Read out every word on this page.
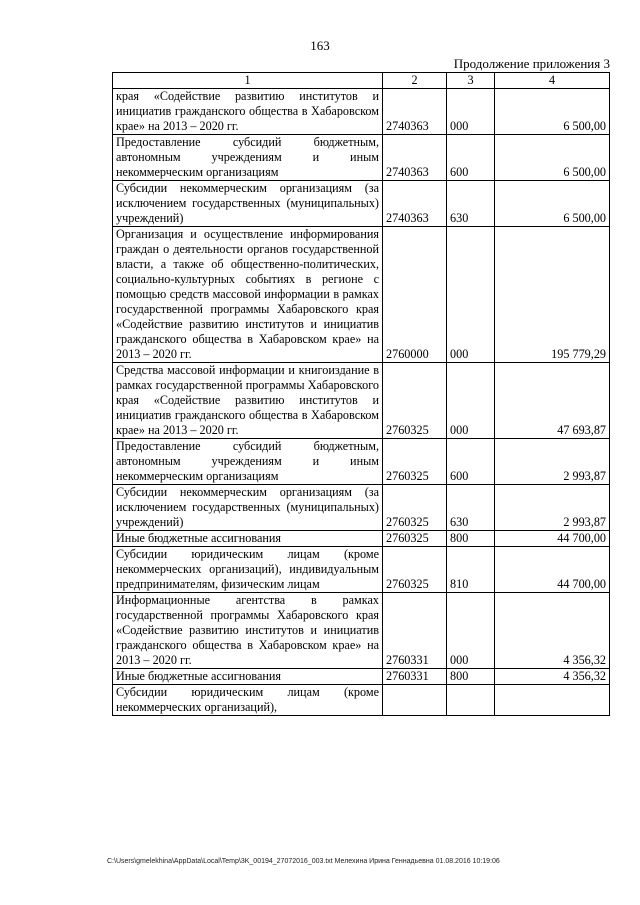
163
Продолжение приложения 3
1	2	3	4
края «Содействие развитию институтов и инициатив гражданского общества в Хабаровском крае» на 2013 – 2020 гг.	2740363	000	6 500,00
Предоставление субсидий бюджетным, автономным учреждениям и иным некоммерческим организациям	2740363	600	6 500,00
Субсидии некоммерческим организациям (за исключением государственных (муниципальных) учреждений)	2740363	630	6 500,00
Организация и осуществление информирования граждан о деятельности органов государственной власти, а также об общественно-политических, социально-культурных событиях в регионе с помощью средств массовой информации в рамках государственной программы Хабаровского края «Содействие развитию институтов и инициатив гражданского общества в Хабаровском крае» на 2013 – 2020 гг.	2760000	000	195 779,29
Средства массовой информации и книгоиздание в рамках государственной программы Хабаровского края «Содействие развитию институтов и инициатив гражданского общества в Хабаровском крае» на 2013 – 2020 гг.	2760325	000	47 693,87
Предоставление субсидий бюджетным, автономным учреждениям и иным некоммерческим организациям	2760325	600	2 993,87
Субсидии некоммерческим организациям (за исключением государственных (муниципальных) учреждений)	2760325	630	2 993,87
Иные бюджетные ассигнования	2760325	800	44 700,00
Субсидии юридическим лицам (кроме некоммерческих организаций), индивидуальным предпринимателям, физическим лицам	2760325	810	44 700,00
Информационные агентства в рамках государственной программы Хабаровского края «Содействие развитию институтов и инициатив гражданского общества в Хабаровском крае» на 2013 – 2020 гг.	2760331	000	4 356,32
Иные бюджетные ассигнования	2760331	800	4 356,32
Субсидии юридическим лицам (кроме некоммерческих организаций),			
C:\Users\gmelekhina\AppData\Local\Temp\3K_00194_27072016_003.txt Мелехина Ирина Геннадьевна 01.08.2016 10:19:06
